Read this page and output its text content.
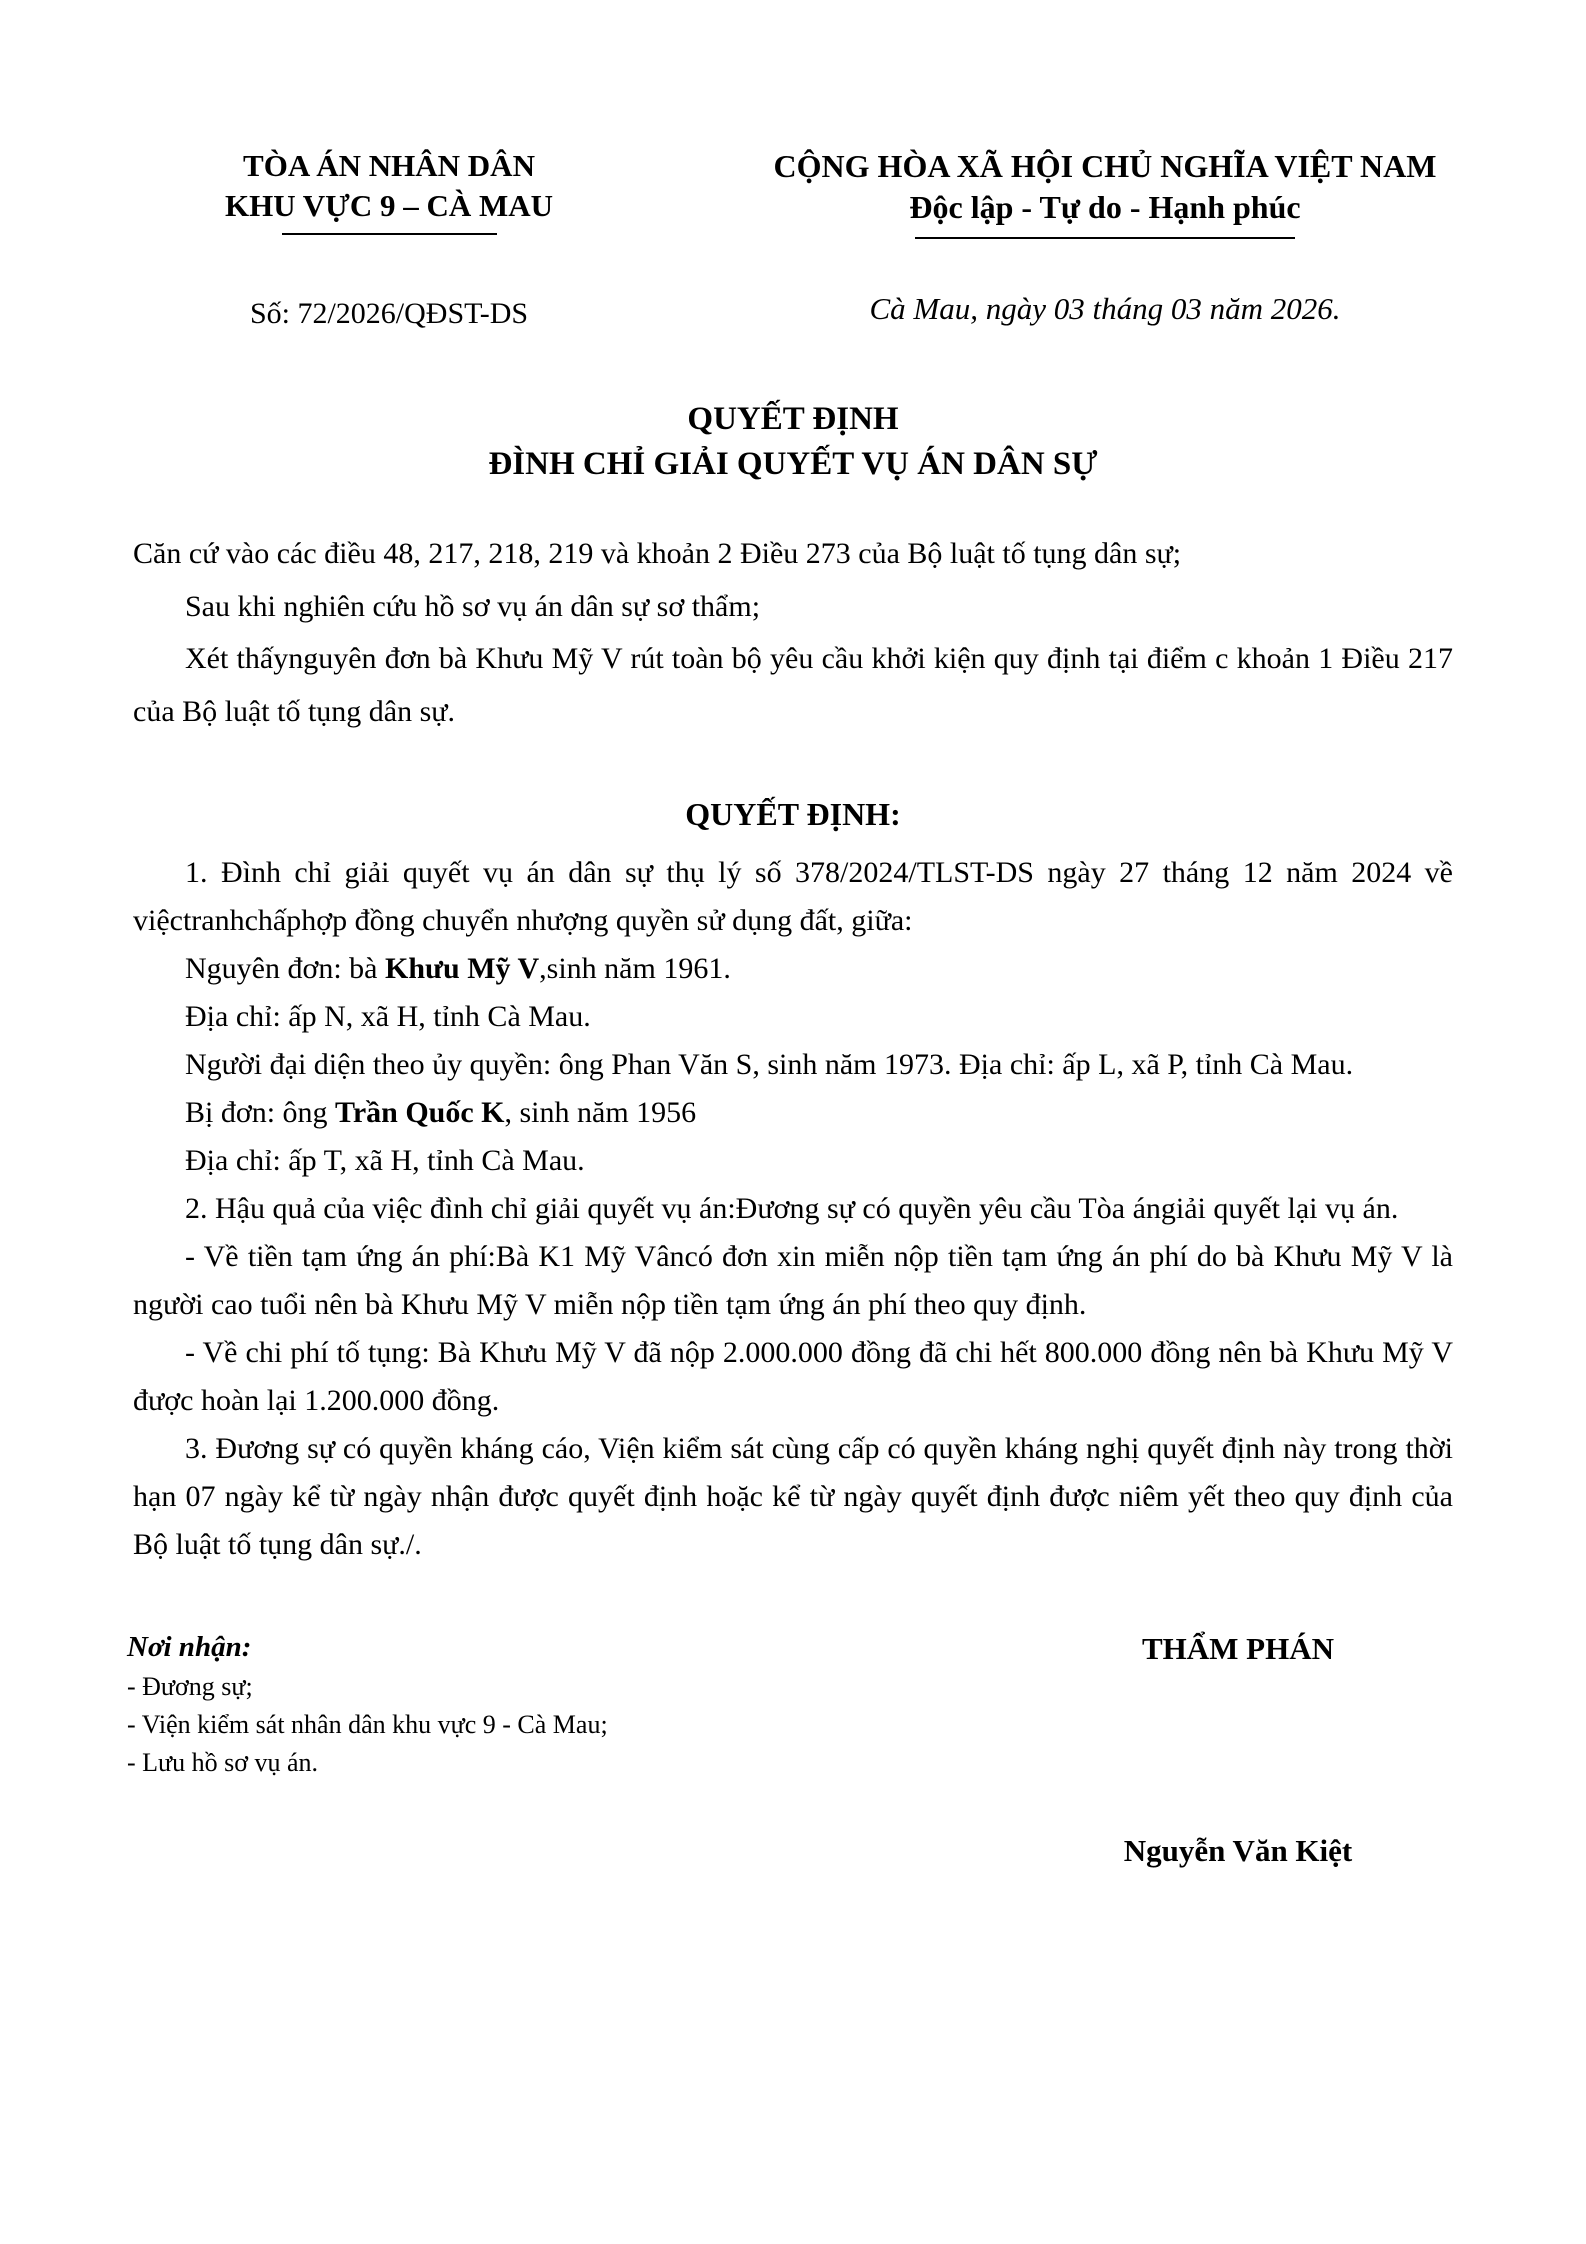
TÒA ÁN NHÂN DÂN
KHU VỰC 9 – CÀ MAU
Số: 72/2026/QĐST-DS
CỘNG HÒA XÃ HỘI CHỦ NGHĨA VIỆT NAM
Độc lập - Tự do - Hạnh phúc
Cà Mau, ngày 03 tháng 03 năm 2026.
QUYẾT ĐỊNH
ĐÌNH CHỈ GIẢI QUYẾT VỤ ÁN DÂN SỰ

Căn cứ vào các điều 48, 217, 218, 219 và khoản 2 Điều 273 của Bộ luật tố tụng dân sự;

Sau khi nghiên cứu hồ sơ vụ án dân sự sơ thẩm;

Xét thấynguyên đơn bà Khưu Mỹ V rút toàn bộ yêu cầu khởi kiện quy định tại điểm c khoản 1 Điều 217 của Bộ luật tố tụng dân sự.

QUYẾT ĐỊNH:

1. Đình chỉ giải quyết vụ án dân sự thụ lý số 378/2024/TLST-DS ngày 27 tháng 12 năm 2024 về việctranhchấphợp đồng chuyển nhượng quyền sử dụng đất, giữa:

Nguyên đơn: bà Khưu Mỹ V,sinh năm 1961.

Địa chỉ: ấp N, xã H, tỉnh Cà Mau.

Người đại diện theo ủy quyền: ông Phan Văn S, sinh năm 1973. Địa chỉ: ấp L, xã P, tỉnh Cà Mau.

Bị đơn: ông Trần Quốc K, sinh năm 1956

Địa chỉ: ấp T, xã H, tỉnh Cà Mau.

2. Hậu quả của việc đình chỉ giải quyết vụ án:Đương sự có quyền yêu cầu Tòa ángiải quyết lại vụ án.

- Về tiền tạm ứng án phí:Bà K1 Mỹ Vâncó đơn xin miễn nộp tiền tạm ứng án phí do bà Khưu Mỹ V là người cao tuổi nên bà Khưu Mỹ V miễn nộp tiền tạm ứng án phí theo quy định.

- Về chi phí tố tụng: Bà Khưu Mỹ V đã nộp 2.000.000 đồng đã chi hết 800.000 đồng nên bà Khưu Mỹ V được hoàn lại 1.200.000 đồng.

3. Đương sự có quyền kháng cáo, Viện kiểm sát cùng cấp có quyền kháng nghị quyết định này trong thời hạn 07 ngày kể từ ngày nhận được quyết định hoặc kể từ ngày quyết định được niêm yết theo quy định của Bộ luật tố tụng dân sự./.

Nơi nhận:
- Đương sự;
- Viện kiểm sát nhân dân khu vực 9 - Cà Mau;
- Lưu hồ sơ vụ án.
THẨM PHÁN
Nguyễn Văn Kiệt
